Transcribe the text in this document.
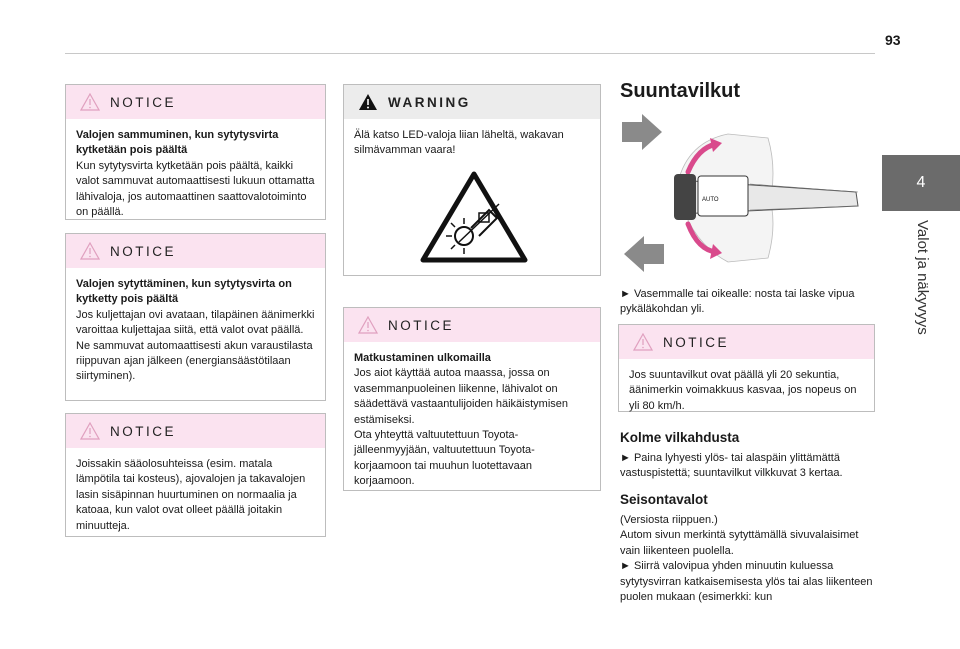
93
4
Valot ja näkyvyys
NOTICE
Valojen sammuminen, kun sytytysvirta kytketään pois päältä
Kun sytytysvirta kytketään pois päältä, kaikki valot sammuvat automaattisesti lukuun ottamatta lähivaloja, jos automaattinen saattovalotoiminto on päällä.
NOTICE
Valojen sytyttäminen, kun sytytysvirta on kytketty pois päältä
Jos kuljettajan ovi avataan, tilapäinen äänimerkki varoittaa kuljettajaa siitä, että valot ovat päällä.
Ne sammuvat automaattisesti akun varaustilasta riippuvan ajan jälkeen (energiansäästötilaan siirtyminen).
NOTICE
Joissakin sääolosuhteissa (esim. matala lämpötila tai kosteus), ajovalojen ja takavalojen lasin sisäpinnan huurtuminen on normaalia ja katoaa, kun valot ovat olleet päällä joitakin minuutteja.
WARNING
Älä katso LED-valoja liian läheltä, wakavan silmävamman vaara!
NOTICE
Matkustaminen ulkomailla
Jos aiot käyttää autoa maassa, jossa on vasemmanpuoleinen liikenne, lähivalot on säädettävä vastaantulijoiden häikäistymisen estämiseksi.
Ota yhteyttä valtuutettuun Toyota-jälleenmyyjään, valtuutettuun Toyota-korjaamoon tai muuhun luotettavaan korjaamoon.
Suuntavilkut
AUTO
► Vasemmalle tai oikealle: nosta tai laske vipua pykäläkohdan yli.
NOTICE
Jos suuntavilkut ovat päällä yli 20 sekuntia, äänimerkin voimakkuus kasvaa, jos nopeus on yli 80 km/h.
Kolme vilkahdusta
► Paina lyhyesti ylös- tai alaspäin ylittämättä vastuspistettä; suuntavilkut vilkkuvat 3 kertaa.
Seisontavalot
(Versiosta riippuen.)
Autom sivun merkintä sytyttämällä sivuvalaisimet vain liikenteen puolella.
► Siirrä valovipua yhden minuutin kuluessa sytytysvirran katkaisemisesta ylös tai alas liikenteen puolen mukaan (esimerkki: kun
